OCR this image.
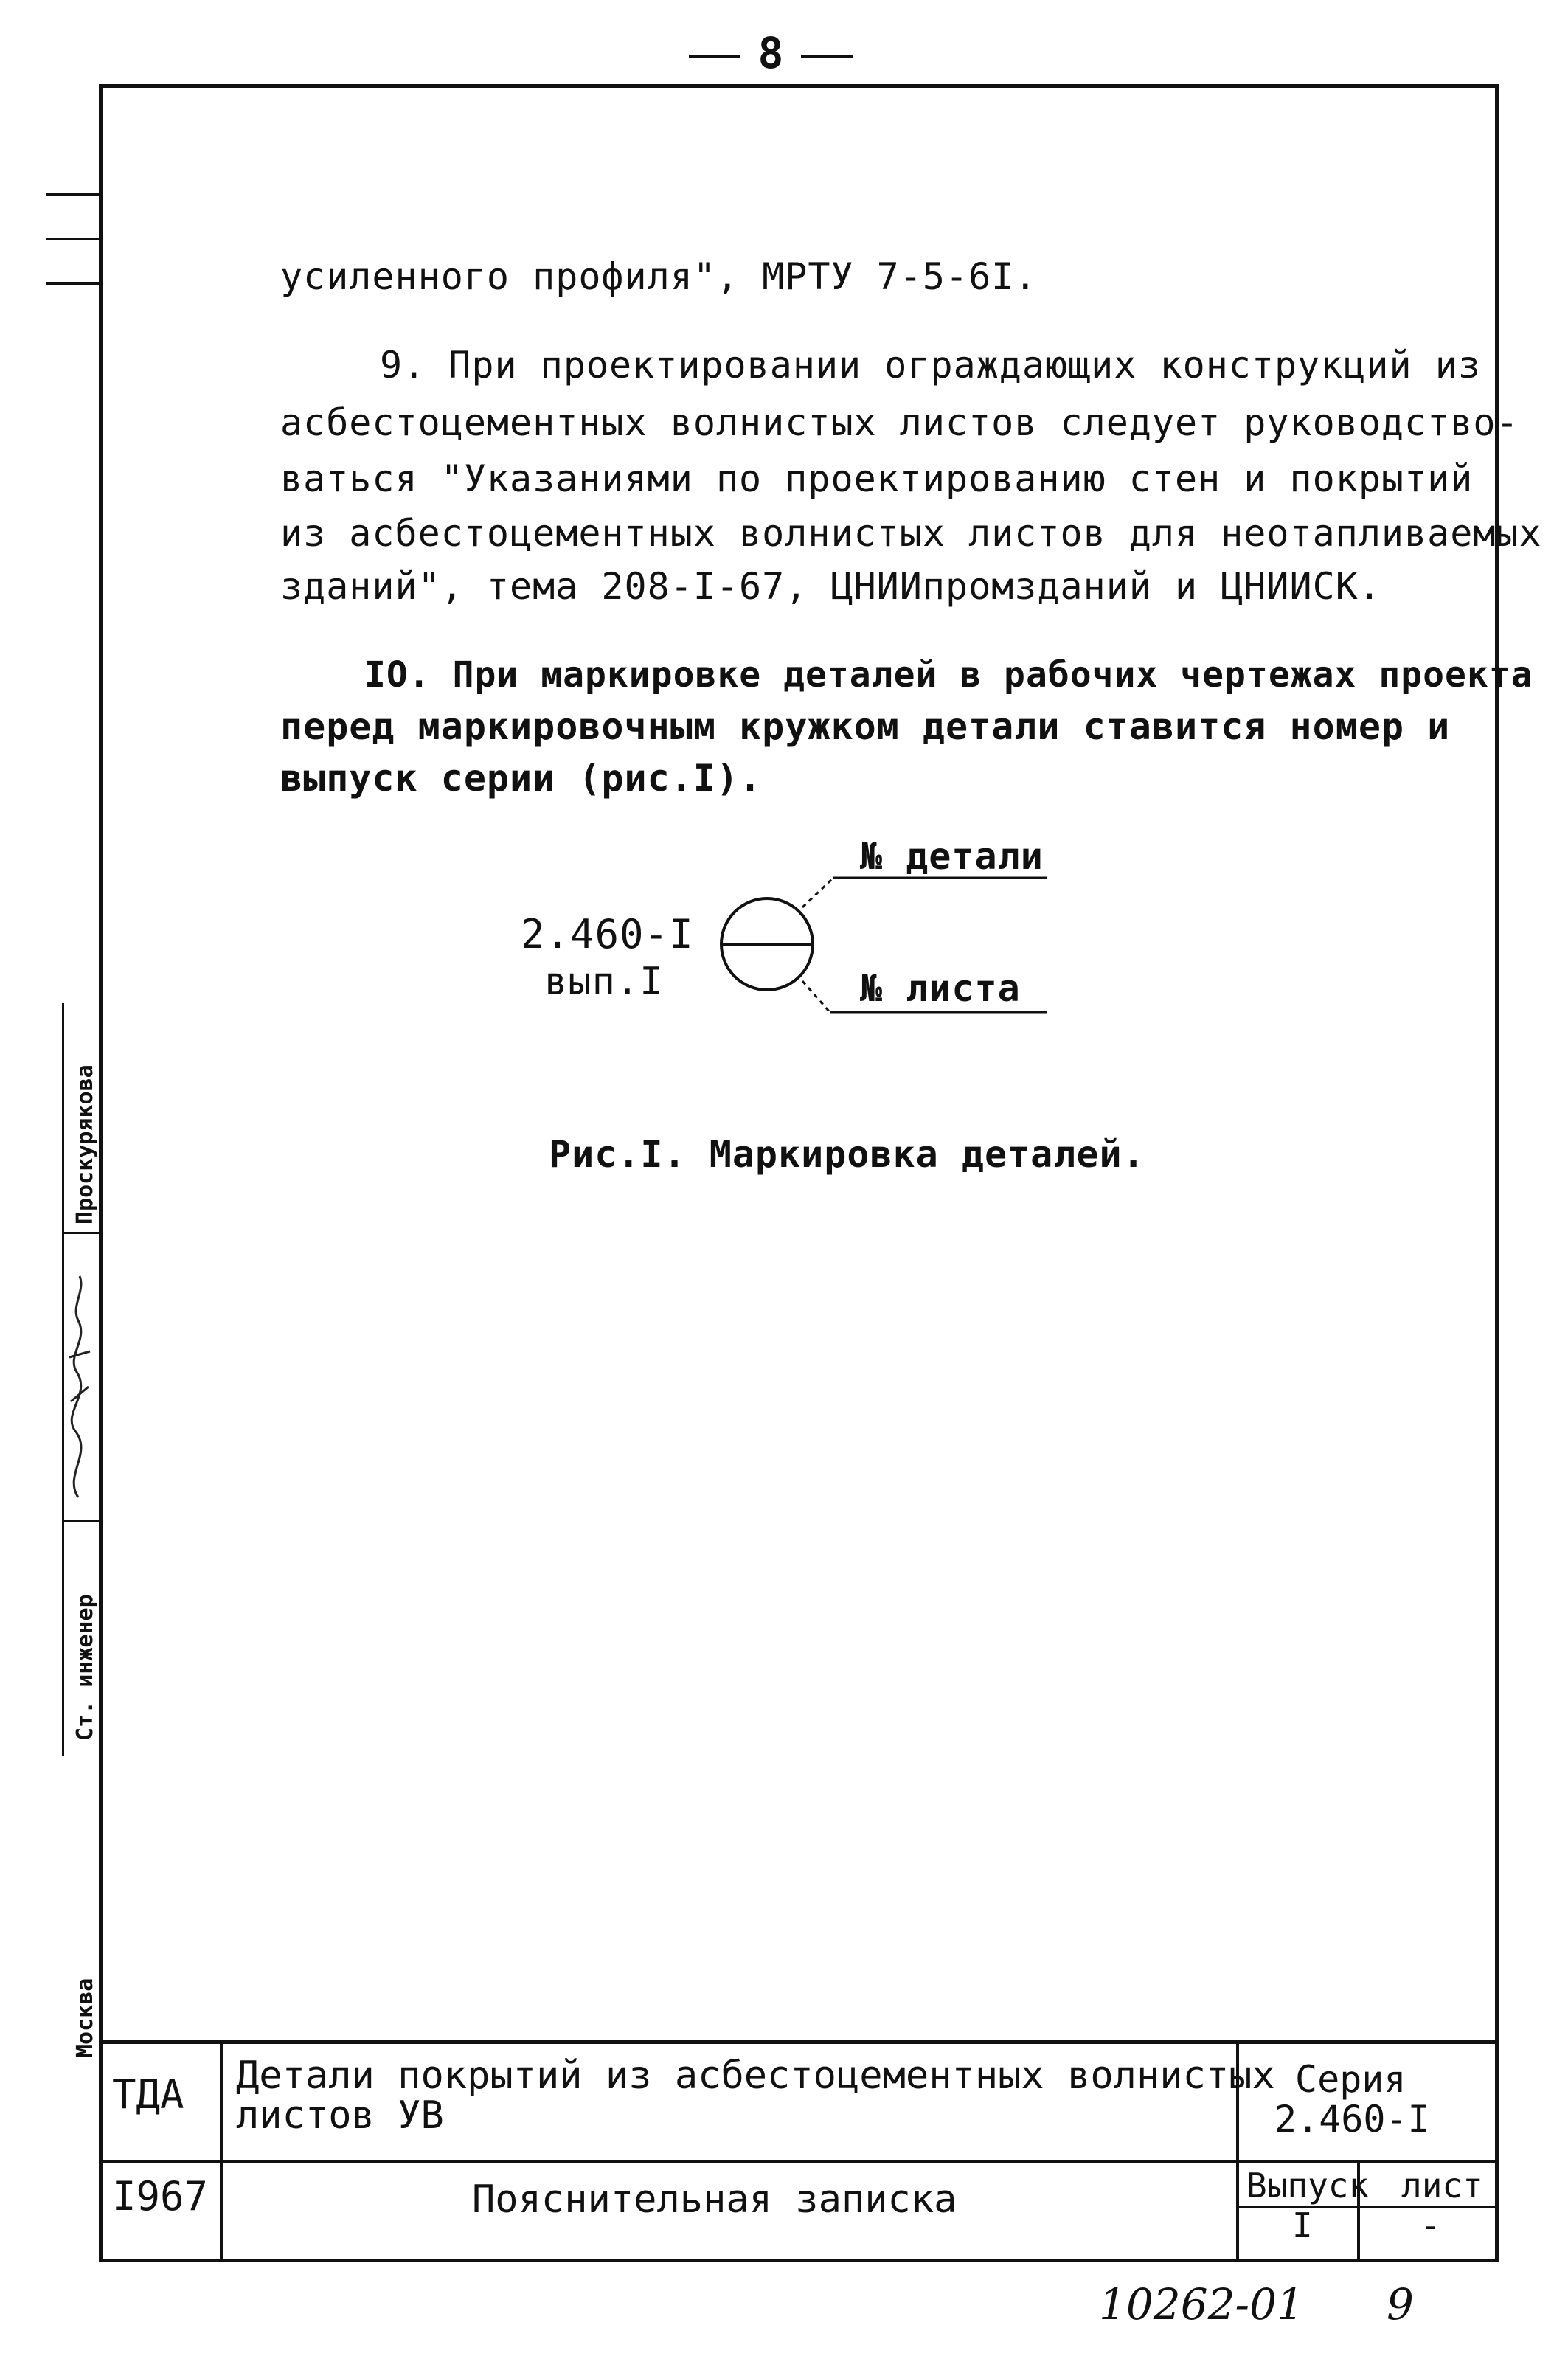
8
Проскурякова
Ст. инженер
Москва
усиленного профиля", МРТУ 7-5-6I.
9. При проектировании ограждающих конструкций из
асбестоцементных волнистых листов следует руководство-
ваться "Указаниями по проектированию стен и покрытий
из асбестоцементных волнистых листов для неотапливаемых
зданий", тема 208-I-67, ЦНИИпромзданий и ЦНИИСК.
IO. При маркировке деталей в рабочих чертежах проекта
перед маркировочным кружком детали ставится номер и
выпуск серии (рис.I).
№ детали
№ листа
2.460-I
вып.I
Рис.I. Маркировка деталей.
ТДА Детали покрытий из асбестоцементных волнистых
листов УВ
Серия
2.460-I
I967	Пояснительная записка	Выпуск
I
лист
-
10262-01 9
